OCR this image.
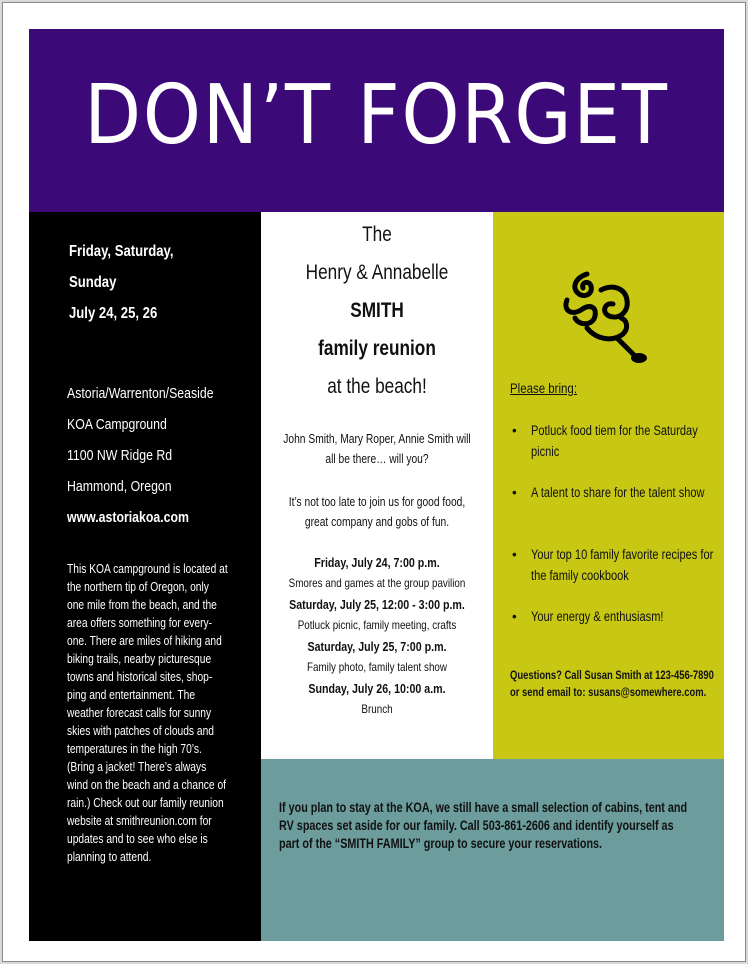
DON’T FORGET
Friday, Saturday,
Sunday
July 24, 25, 26
Astoria/Warrenton/Seaside
KOA Campground
1100 NW Ridge Rd
Hammond, Oregon
www.astoriakoa.com
This KOA campground is located at
the northern tip of Oregon, only
one mile from the beach, and the
area offers something for every-
one. There are miles of hiking and
biking trails, nearby picturesque
towns and historical sites, shop-
ping and entertainment. The
weather forecast calls for sunny
skies with patches of clouds and
temperatures in the high 70’s.
(Bring a jacket! There’s always
wind on the beach and a chance of
rain.) Check out our family reunion
website at smithreunion.com for
updates and to see who else is
planning to attend.
The
Henry & Annabelle
SMITH
family reunion
at the beach!
John Smith, Mary Roper, Annie Smith will
all be there… will you?
It’s not too late to join us for good food,
great company and gobs of fun.
Friday, July 24, 7:00 p.m.
Smores and games at the group pavilion
Saturday, July 25, 12:00 - 3:00 p.m.
Potluck picnic, family meeting, crafts
Saturday, July 25, 7:00 p.m.
Family photo, family talent show
Sunday, July 26, 10:00 a.m.
Brunch
Please bring:
• Potluck food tiem for the Saturday picnic
• A talent to share for the talent show
• Your top 10 family favorite recipes for the family cookbook
• Your energy & enthusiasm!
Questions? Call Susan Smith at 123-456-7890 or send email to: susans@somewhere.com.
If you plan to stay at the KOA, we still have a small selection of cabins, tent and RV spaces set aside for our family. Call 503-861-2606 and identify yourself as part of the “SMITH FAMILY” group to secure your reservations.
